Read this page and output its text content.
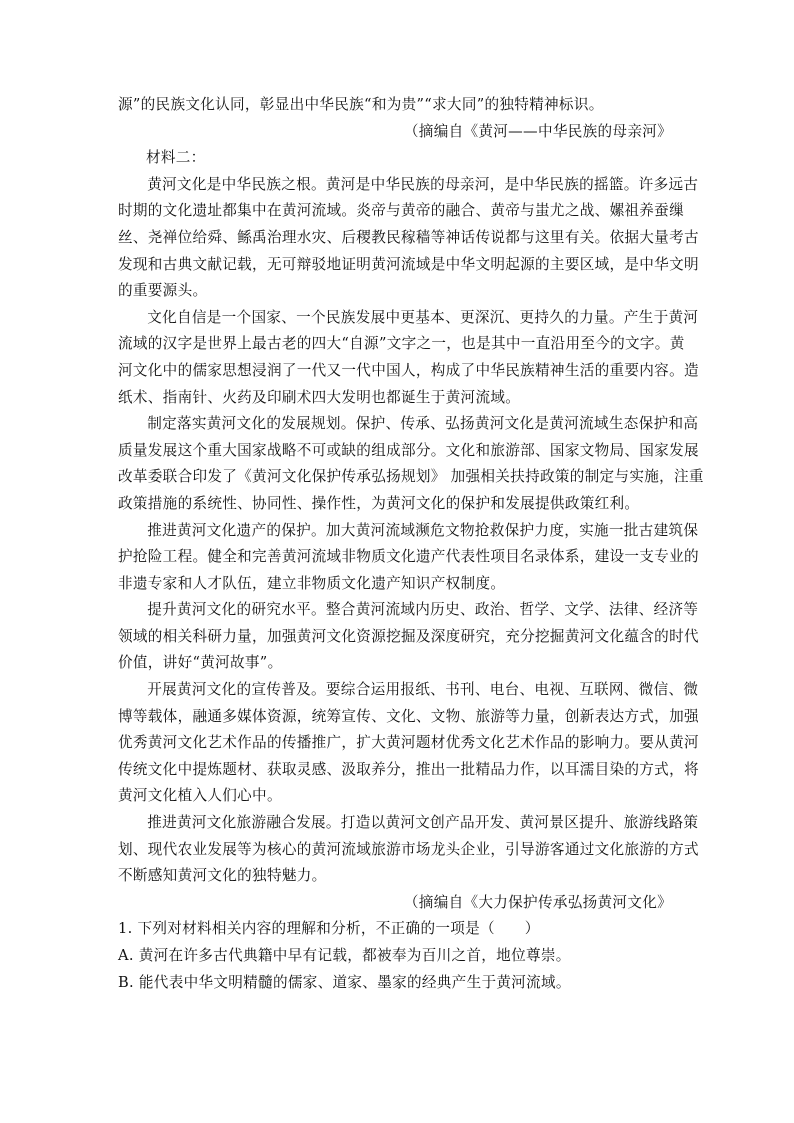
源”的民族文化认同，彰显出中华民族“和为贵”“求大同”的独特精神标识。

（摘编自《黄河——中华民族的母亲河》

材料二：

黄河文化是中华民族之根。黄河是中华民族的母亲河，是中华民族的摇篮。许多远古
时期的文化遗址都集中在黄河流域。炎帝与黄帝的融合、黄帝与蚩尤之战、嫘祖养蚕缫
丝、尧禅位给舜、鲧禹治理水灾、后稷教民稼穑等神话传说都与这里有关。依据大量考古
发现和古典文献记载，无可辩驳地证明黄河流域是中华文明起源的主要区域，是中华文明
的重要源头。

文化自信是一个国家、一个民族发展中更基本、更深沉、更持久的力量。产生于黄河
流域的汉字是世界上最古老的四大“自源”文字之一，也是其中一直沿用至今的文字。黄
河文化中的儒家思想浸润了一代又一代中国人，构成了中华民族精神生活的重要内容。造
纸术、指南针、火药及印刷术四大发明也都诞生于黄河流域。

制定落实黄河文化的发展规划。保护、传承、弘扬黄河文化是黄河流域生态保护和高
质量发展这个重大国家战略不可或缺的组成部分。文化和旅游部、国家文物局、国家发展
改革委联合印发了《黄河文化保护传承弘扬规划》 加强相关扶持政策的制定与实施，注重
政策措施的系统性、协同性、操作性，为黄河文化的保护和发展提供政策红利。

推进黄河文化遗产的保护。加大黄河流域濒危文物抢救保护力度，实施一批古建筑保
护抢险工程。健全和完善黄河流域非物质文化遗产代表性项目名录体系，建设一支专业的
非遗专家和人才队伍，建立非物质文化遗产知识产权制度。

提升黄河文化的研究水平。整合黄河流域内历史、政治、哲学、文学、法律、经济等
领域的相关科研力量，加强黄河文化资源挖掘及深度研究，充分挖掘黄河文化蕴含的时代
价值，讲好“黄河故事”。

开展黄河文化的宣传普及。要综合运用报纸、书刊、电台、电视、互联网、微信、微
博等载体，融通多媒体资源，统筹宣传、文化、文物、旅游等力量，创新表达方式，加强
优秀黄河文化艺术作品的传播推广，扩大黄河题材优秀文化艺术作品的影响力。要从黄河
传统文化中提炼题材、获取灵感、汲取养分，推出一批精品力作，以耳濡目染的方式，将
黄河文化植入人们心中。

推进黄河文化旅游融合发展。打造以黄河文创产品开发、黄河景区提升、旅游线路策
划、现代农业发展等为核心的黄河流域旅游市场龙头企业，引导游客通过文化旅游的方式
不断感知黄河文化的独特魅力。

（摘编自《大力保护传承弘扬黄河文化》

1. 下列对材料相关内容的理解和分析，不正确的一项是（　　）

A. 黄河在许多古代典籍中早有记载，都被奉为百川之首，地位尊崇。

B. 能代表中华文明精髓的儒家、道家、墨家的经典产生于黄河流域。
